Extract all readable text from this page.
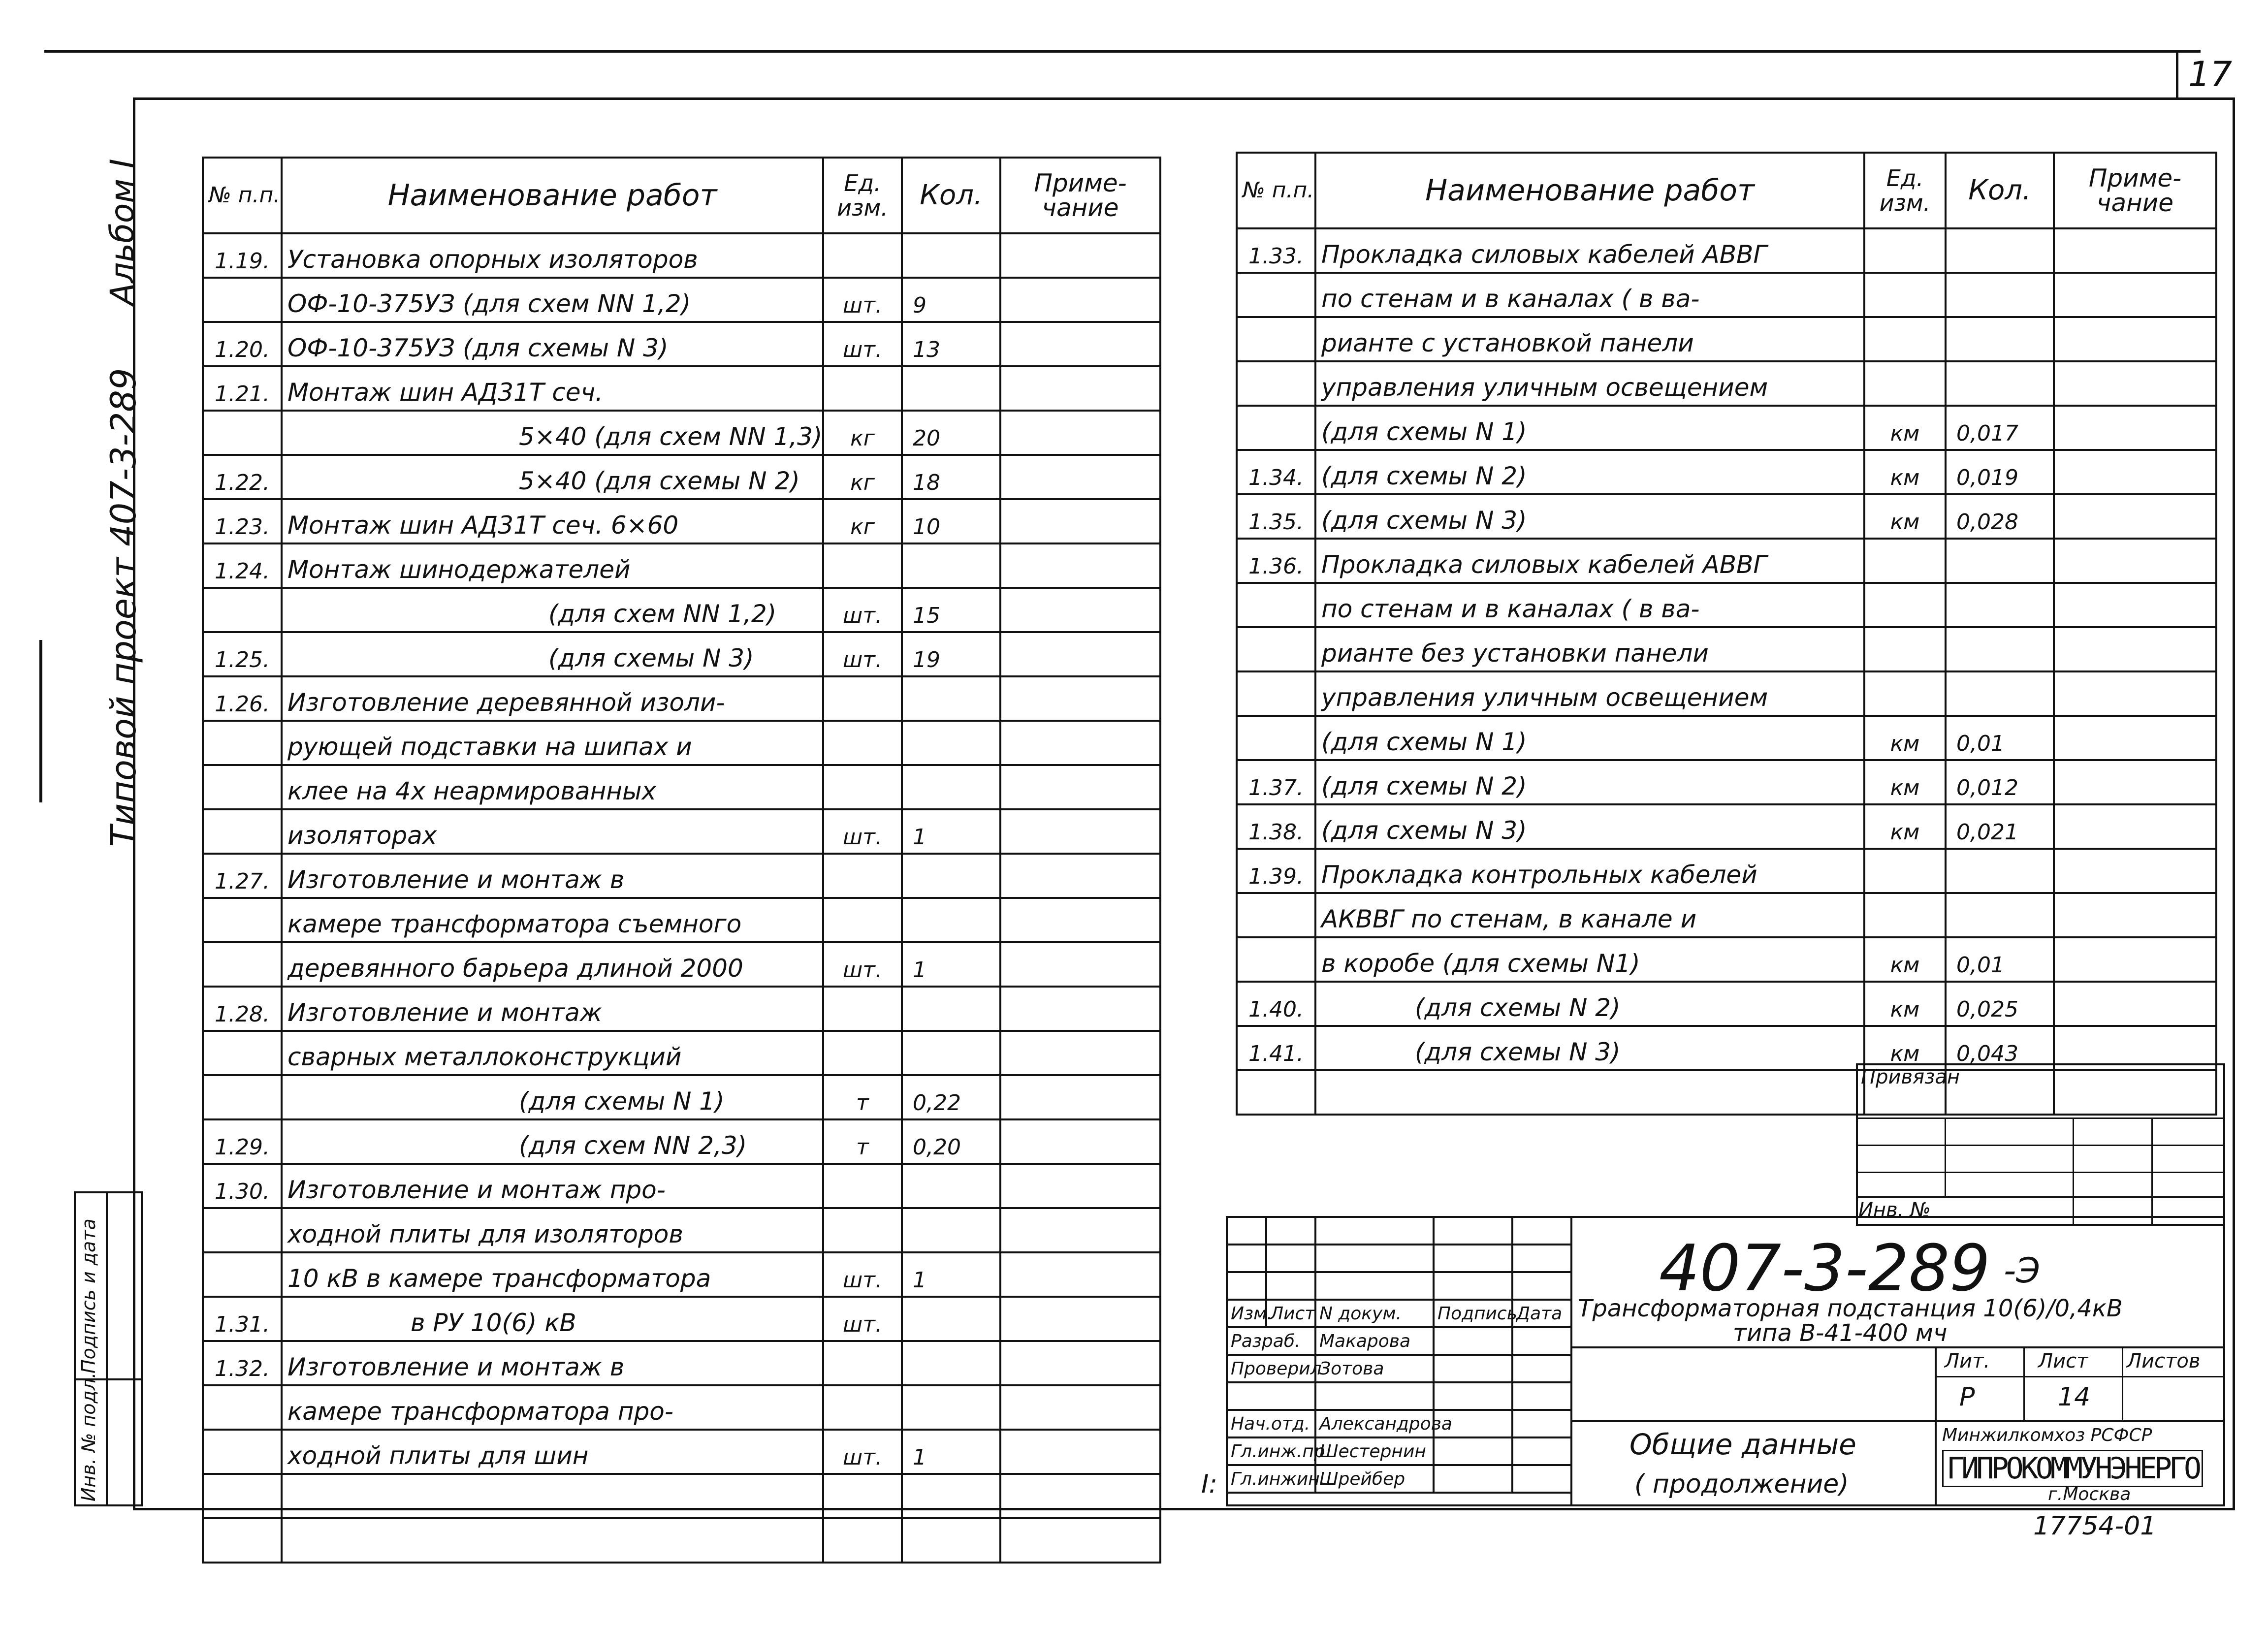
17
Типовой проект 407-3-289
Альбом I
Инв. № подл.
Подпись и дата
№ п.п.	Наименование работ	Ед. изм.	Кол.	Приме- чание
1.19.	Установка опорных изоляторов			
	ОФ-10-375УЗ (для схем NN 1,2)	шт.	9	
1.20.	ОФ-10-375УЗ (для схемы N 3)	шт.	13	
1.21.	Монтаж шин АД31Т сеч.			
	5×40 (для схем NN 1,3)	кг	20	
1.22.	5×40 (для схемы N 2)	кг	18	
1.23.	Монтаж шин АД31Т сеч. 6×60	кг	10	
1.24.	Монтаж шинодержателей			
	(для схем NN 1,2)	шт.	15	
1.25.	(для схемы N 3)	шт.	19	
1.26.	Изготовление деревянной изоли-			
	рующей подставки на шипах и			
	клее на 4х неармированных			
	изоляторах	шт.	1	
1.27.	Изготовление и монтаж в			
	камере трансформатора съемного			
	деревянного барьера длиной 2000	шт.	1	
1.28.	Изготовление и монтаж			
	сварных металлоконструкций			
	(для схемы N 1)	т	0,22	
1.29.	(для схем NN 2,3)	т	0,20	
1.30.	Изготовление и монтаж про-			
	ходной плиты для изоляторов			
	10 кВ в камере трансформатора	шт.	1	
1.31.	в РУ 10(6) кВ	шт.		
1.32.	Изготовление и монтаж в			
	камере трансформатора про-			
	ходной плиты для шин	шт.	1	

№ п.п.	Наименование работ	Ед. изм.	Кол.	Приме- чание
1.33.	Прокладка силовых кабелей АВВГ			
	по стенам и в каналах ( в ва-			
	рианте с установкой панели			
	управления уличным освещением			
	(для схемы N 1)	км	0,017	
1.34.	(для схемы N 2)	км	0,019	
1.35.	(для схемы N 3)	км	0,028	
1.36.	Прокладка силовых кабелей АВВГ			
	по стенам и в каналах ( в ва-			
	рианте без установки панели			
	управления уличным освещением			
	(для схемы N 1)	км	0,01	
1.37.	(для схемы N 2)	км	0,012	
1.38.	(для схемы N 3)	км	0,021	
1.39.	Прокладка контрольных кабелей			
	АКВВГ по стенам, в канале и			
	в коробе (для схемы N1)	км	0,01	
1.40.	(для схемы N 2)	км	0,025	
1.41.	(для схемы N 3)	км	0,043	

Привязан
Инв. №

Изм.	Лист	N докум.	Подпись	Дата
Разраб.		Макарова		
Проверил		Зотова		

Нач.отд.		Александрова		
Гл.инж.пр		Шестернин		
Гл.инжин.		Шрейбер		
407-3-289 -Э
Трансформаторная подстанция 10(6)/0,4кВ
типа В-41-400 мч
Лит. Лист Листов
Р	14
Общие данные
( продолжение)
Минжилкомхоз РСФСР
ГИПРОКОММУНЭНЕРГО
г.Москва
I:
17754-01
